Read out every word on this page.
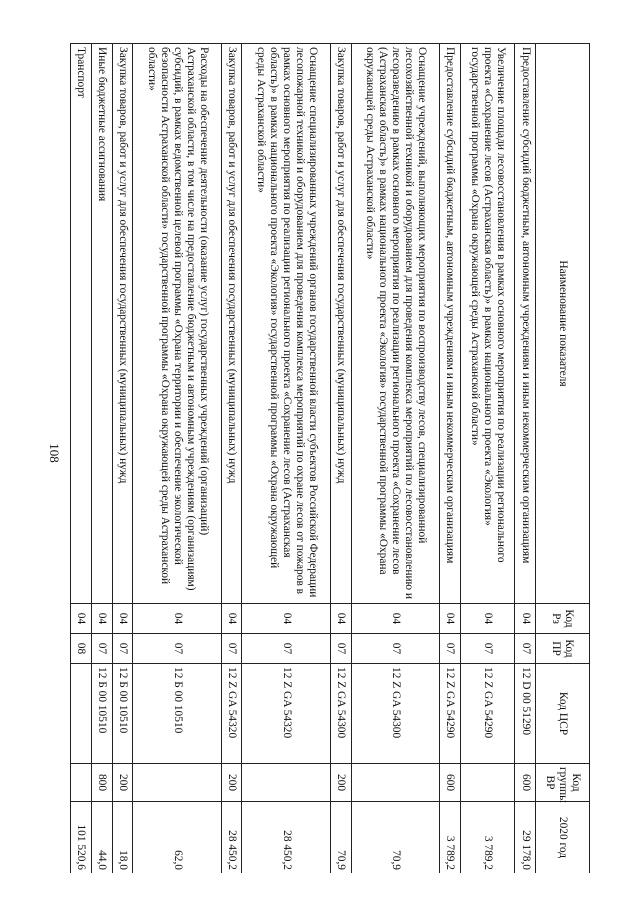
108
Наименование показателя	Код Рз	Код ПР	Код ЦСР	Код группы ВР	2020 год
Предоставление субсидий бюджетным, автономным учреждениям и иным некоммерческим организациям	04	07	12 D 00 51290	600	29 178,0
Увеличение площади лесовосстановления в рамках основного мероприятия по реализации регионального проекта «Сохранение лесов (Астраханская область)» в рамках национального проекта «Экология» государственной программы «Охрана окружающей среды Астраханской области»	04	07	12 Z GA 54290		3 789,2
Предоставление субсидий бюджетным, автономным учреждениям и иным некоммерческим организациям	04	07	12 Z GA 54290	600	3 789,2
Оснащение учреждений, выполняющих мероприятия по воспроизводству лесов, специализированной лесохозяйственной техникой и оборудованием для проведения комплекса мероприятий по лесовосстановлению и лесоразведению в рамках основного мероприятия по реализации регионального проекта «Сохранение лесов (Астраханская область)» в рамках национального проекта «Экология» государственной программы «Охрана окружающей среды Астраханской области»	04	07	12 Z GA 54300		70,9
Закупка товаров, работ и услуг для обеспечения государственных (муниципальных) нужд	04	07	12 Z GA 54300	200	70,9
Оснащение специализированных учреждений органов государственной власти субъектов Российской Федерации лесопожарной техникой и оборудованием для проведения комплекса мероприятий по охране лесов от пожаров в рамках основного мероприятия по реализации регионального проекта «Сохранение лесов (Астраханская область)» в рамках национального проекта «Экология» государственной программы «Охрана окружающей среды Астраханской области»	04	07	12 Z GA 54320		28 450,2
Закупка товаров, работ и услуг для обеспечения государственных (муниципальных) нужд	04	07	12 Z GA 54320	200	28 450,2
Расходы на обеспечение деятельности (оказание услуг) государственных учреждений (организаций) Астраханской области, в том числе на предоставление бюджетным и автономным учреждениям (организациям) субсидий, в рамках ведомственной целевой программы «Охрана территории и обеспечение экологической безопасности Астраханской области» государственной программы «Охрана окружающей среды Астраханской области»	04	07	12 Б 00 10510		62,0
Закупка товаров, работ и услуг для обеспечения государственных (муниципальных) нужд	04	07	12 Б 00 10510	200	18,0
Иные бюджетные ассигнования	04	07	12 Б 00 10510	800	44,0
Транспорт	04	08			101 520,6
